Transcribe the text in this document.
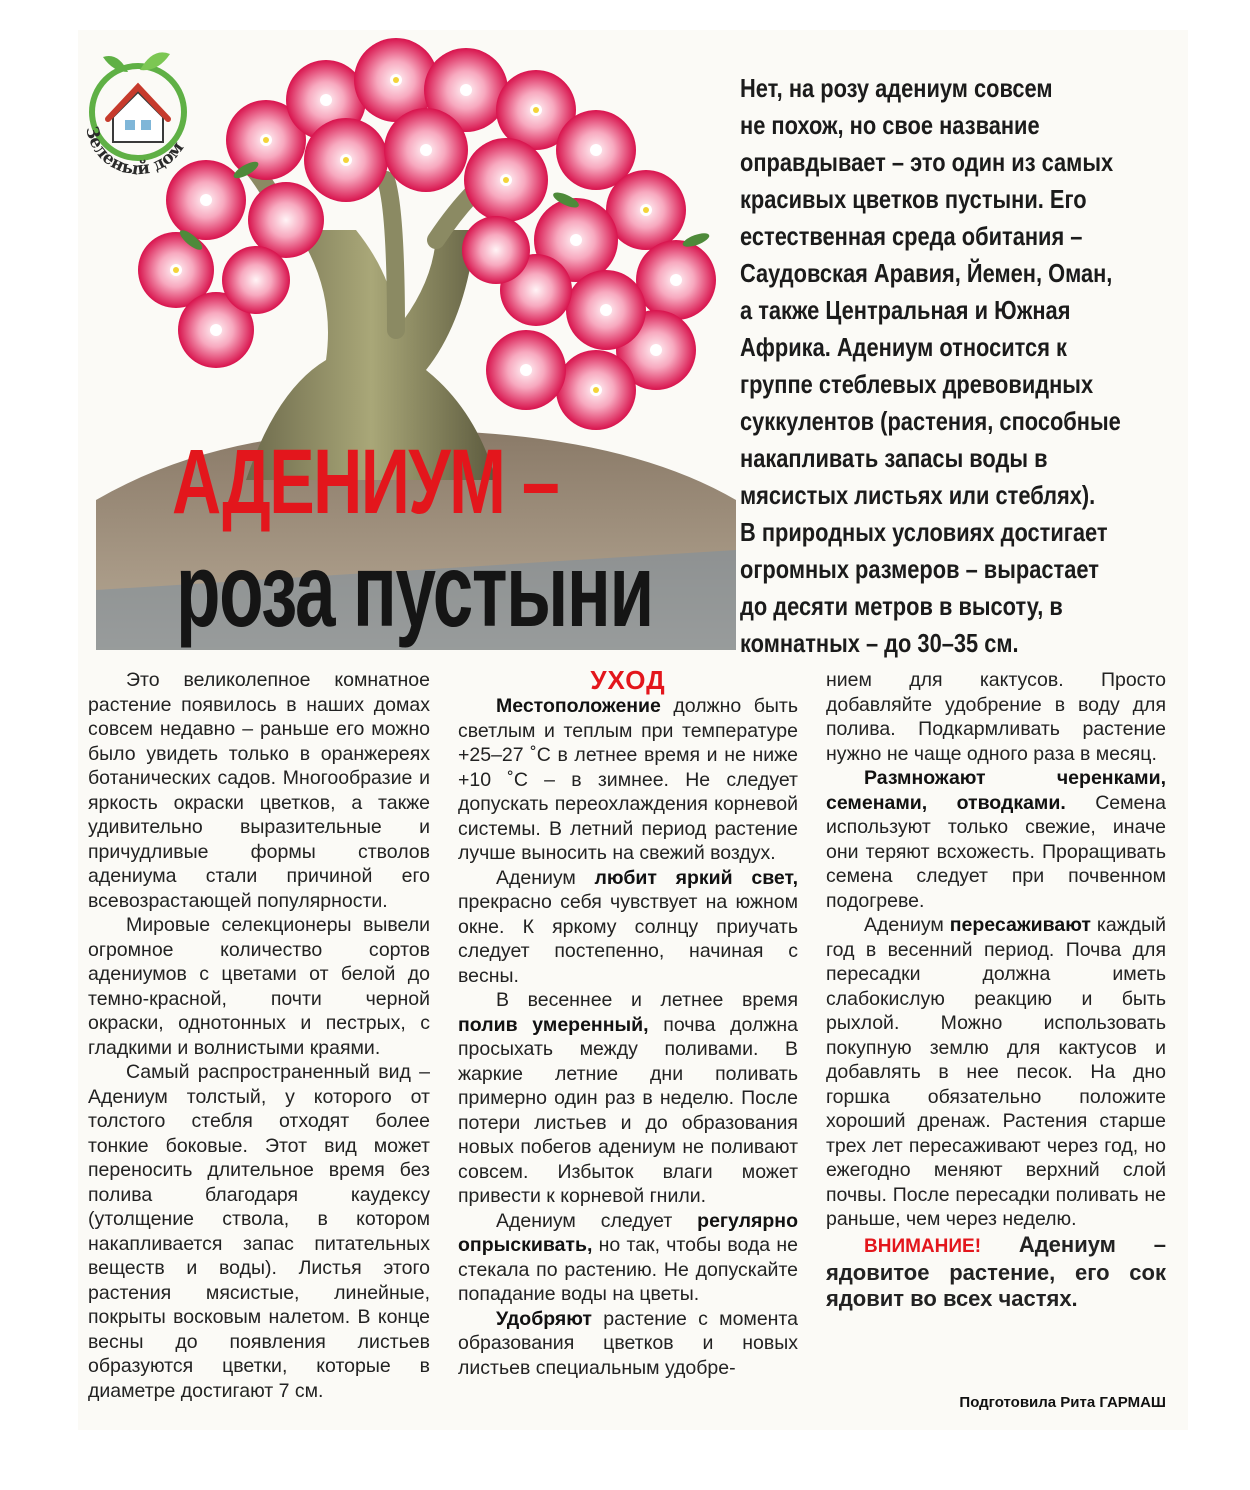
Зеленый дом
АДЕНИУМ –
роза пустыни
Нет, на розу адениум совсем
не похож, но свое название
оправдывает – это один из самых
красивых цветков пустыни. Его
естественная среда обитания –
Саудовская Аравия, Йемен, Оман,
а также Центральная и Южная
Африка. Адениум относится к
группе стеблевых древовидных
суккулентов (растения, способные
накапливать запасы воды в
мясистых листьях или стеблях).
В природных условиях достигает
огромных размеров – вырастает
до десяти метров в высоту, в
комнатных – до 30–35 см.

Это великолепное комнатное растение появилось в наших домах совсем недавно – раньше его можно было увидеть только в оранжереях ботанических садов. Многообразие и яркость окраски цветков, а также удивительно выразительные и причудливые формы стволов адениума стали причиной его всевозрастающей популярности.

Мировые селекционеры вывели огромное количество сортов адениумов с цветами от белой до темно-красной, почти черной окраски, однотонных и пестрых, с гладкими и волнистыми краями.

Самый распространенный вид – Адениум толстый, у которого от толстого стебля отходят более тонкие боковые. Этот вид может переносить длительное время без полива благодаря каудексу (утолщение ствола, в котором накапливается запас питательных веществ и воды). Листья этого растения мясистые, линейные, покрыты восковым налетом. В конце весны до появления листьев образуются цветки, которые в диаметре достигают 7 см.

УХОД

Местоположение должно быть светлым и теплым при температуре +25–27 ˚С в летнее время и не ниже +10 ˚С – в зимнее. Не следует допускать переохлаждения корневой системы. В летний период растение лучше выносить на свежий воздух.

Адениум любит яркий свет, прекрасно себя чувствует на южном окне. К яркому солнцу приучать следует постепенно, начиная с весны.

В весеннее и летнее время полив умеренный, почва должна просыхать между поливами. В жаркие летние дни поливать примерно один раз в неделю. После потери листьев и до образования новых побегов адениум не поливают совсем. Избыток влаги может привести к корневой гнили.

Адениум следует регулярно опрыскивать, но так, чтобы вода не стекала по растению. Не допускайте попадание воды на цветы.

Удобряют растение с момента образования цветков и новых листьев специальным удобре-

нием для кактусов. Просто добавляйте удобрение в воду для полива. Подкармливать растение нужно не чаще одного раза в месяц.

Размножают черенками, семенами, отводками. Семена используют только свежие, иначе они теряют всхожесть. Проращивать семена следует при почвенном подогреве.

Адениум пересаживают каждый год в весенний период. Почва для пересадки должна иметь слабокислую реакцию и быть рыхлой. Можно использовать покупную землю для кактусов и добавлять в нее песок. На дно горшка обязательно положите хороший дренаж. Растения старше трех лет пересаживают через год, но ежегодно меняют верхний слой почвы. После пересадки поливать не раньше, чем через неделю.

ВНИМАНИЕ! Адениум – ядовитое растение, его сок ядовит во всех частях.

Подготовила Рита ГАРМАШ
